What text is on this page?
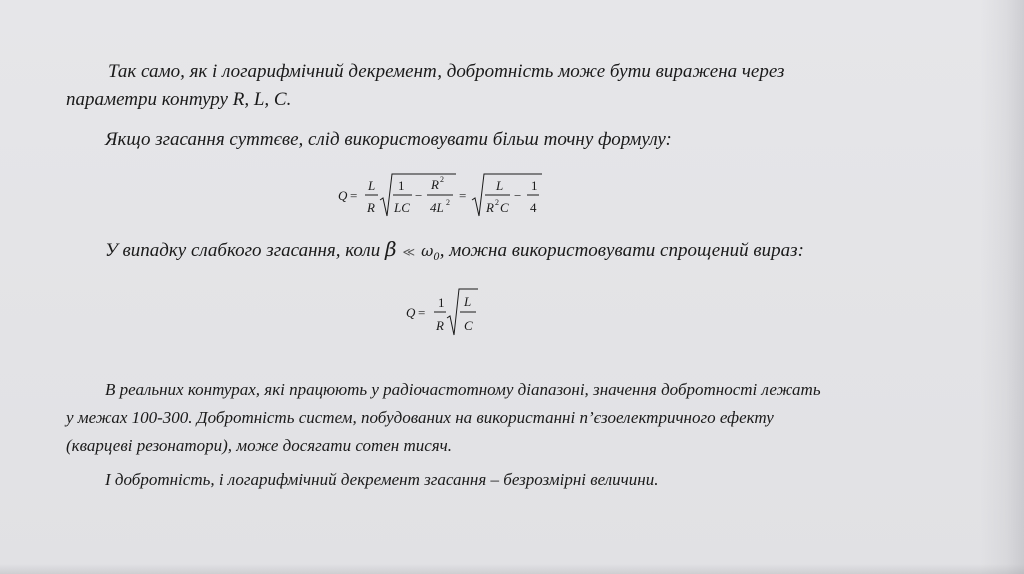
Так само, як і логарифмічний декремент, добротність може бути виражена через
параметри контуру R, L, C.
Якщо згасання суттєве, слід використовувати більш точну формулу:
Q =
L
R
1
LC
−
R 2
4L 2 =
L
R 2 C
−
1
4
У випадку слабкого згасання, коли β ≪ $\omega_0$, можна використовувати спрощений вираз:
Q =
1
R
L
C
В реальних контурах, які працюють у радіочастотному діапазоні, значення добротності лежать
у межах 100-300. Добротність систем, побудованих на використанні п’єзоелектричного ефекту
(кварцеві резонатори), може досягати сотен тисяч.
І добротність, і логарифмічний декремент згасання – безрозмірні величини.
